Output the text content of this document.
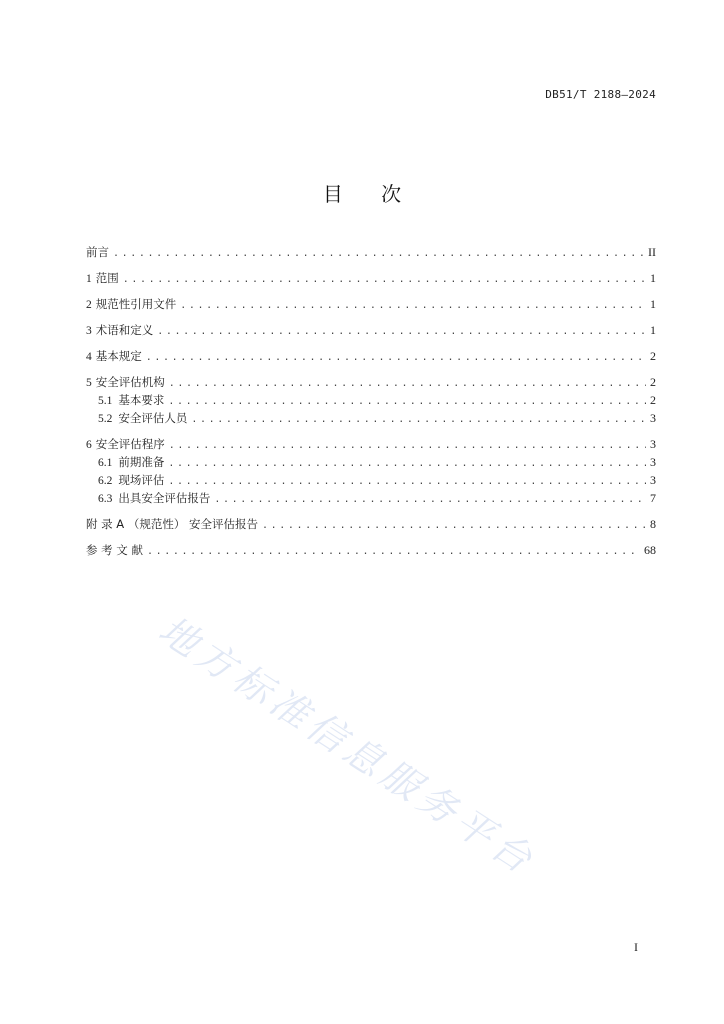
DB51/T 2188—2024
目 次
前言 .....	II
1 范围 .....	1
2 规范性引用文件 .....	1
3 术语和定义 .....	1
4 基本规定 .....	2
5 安全评估机构 .....	2
5.1 基本要求 .....	2
5.2 安全评估人员 .....	3
6 安全评估程序 .....	3
6.1 前期准备 .....	3
6.2 现场评估 .....	3
6.3 出具安全评估报告 .....	7
附 录 A （规范性） 安全评估报告 .....	8
参 考 文 献 .....	68
地方标准信息服务平台
I
